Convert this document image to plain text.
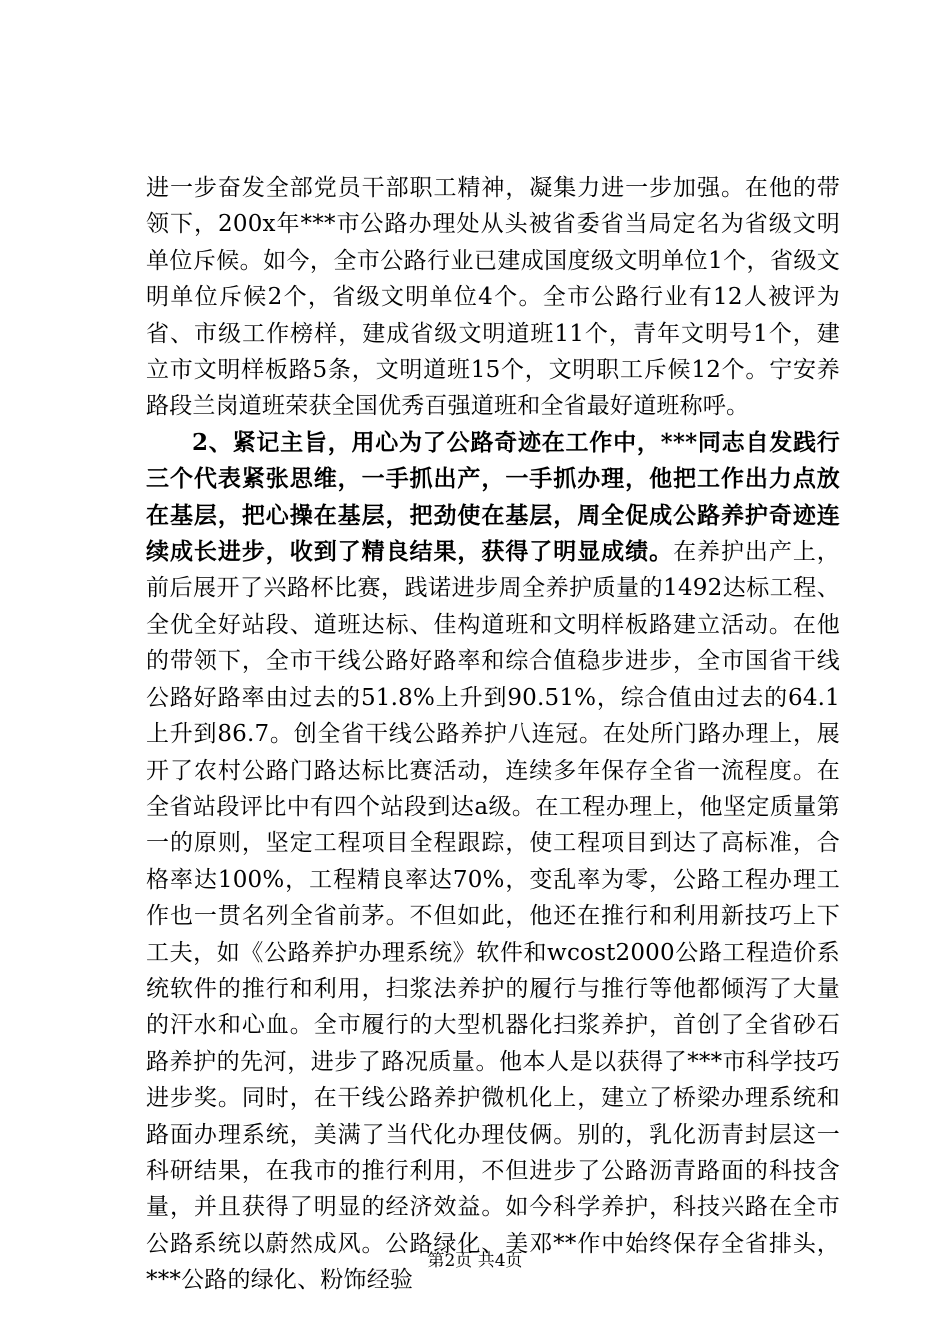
进一步奋发全部党员干部职工精神，凝集力进一步加强。在他的带领下，200x年***市公路办理处从头被省委省当局定名为省级文明单位斥候。如今，全市公路行业已建成国度级文明单位1个，省级文明单位斥候2个，省级文明单位4个。全市公路行业有12人被评为省、市级工作榜样，建成省级文明道班11个，青年文明号1个，建立市文明样板路5条，文明道班15个，文明职工斥候12个。宁安养路段兰岗道班荣获全国优秀百强道班和全省最好道班称呼。

2、紧记主旨，用心为了公路奇迹在工作中，***同志自发践行三个代表紧张思维，一手抓出产，一手抓办理，他把工作出力点放在基层，把心操在基层，把劲使在基层，周全促成公路养护奇迹连续成长进步，收到了精良结果，获得了明显成绩。在养护出产上，前后展开了兴路杯比赛，践诺进步周全养护质量的1492达标工程、全优全好站段、道班达标、佳构道班和文明样板路建立活动。在他的带领下，全市干线公路好路率和综合值稳步进步，全市国省干线公路好路率由过去的51.8%上升到90.51%，综合值由过去的64.1上升到86.7。创全省干线公路养护八连冠。在处所门路办理上，展开了农村公路门路达标比赛活动，连续多年保存全省一流程度。在全省站段评比中有四个站段到达a级。在工程办理上，他坚定质量第一的原则，坚定工程项目全程跟踪，使工程项目到达了高标准，合格率达100%，工程精良率达70%，变乱率为零，公路工程办理工作也一贯名列全省前茅。不但如此，他还在推行和利用新技巧上下工夫，如《公路养护办理系统》软件和wcost2000公路工程造价系统软件的推行和利用，扫浆法养护的履行与推行等他都倾泻了大量的汗水和心血。全市履行的大型机器化扫浆养护，首创了全省砂石路养护的先河，进步了路况质量。他本人是以获得了***市科学技巧进步奖。同时，在干线公路养护微机化上，建立了桥梁办理系统和路面办理系统，美满了当代化办理伎俩。别的，乳化沥青封层这一科研结果，在我市的推行利用，不但进步了公路沥青路面的科技含量，并且获得了明显的经济效益。如今科学养护，科技兴路在全市公路系统以蔚然成风。公路绿化、美邓**作中始终保存全省排头，***公路的绿化、粉饰经验

第2页 共4页
